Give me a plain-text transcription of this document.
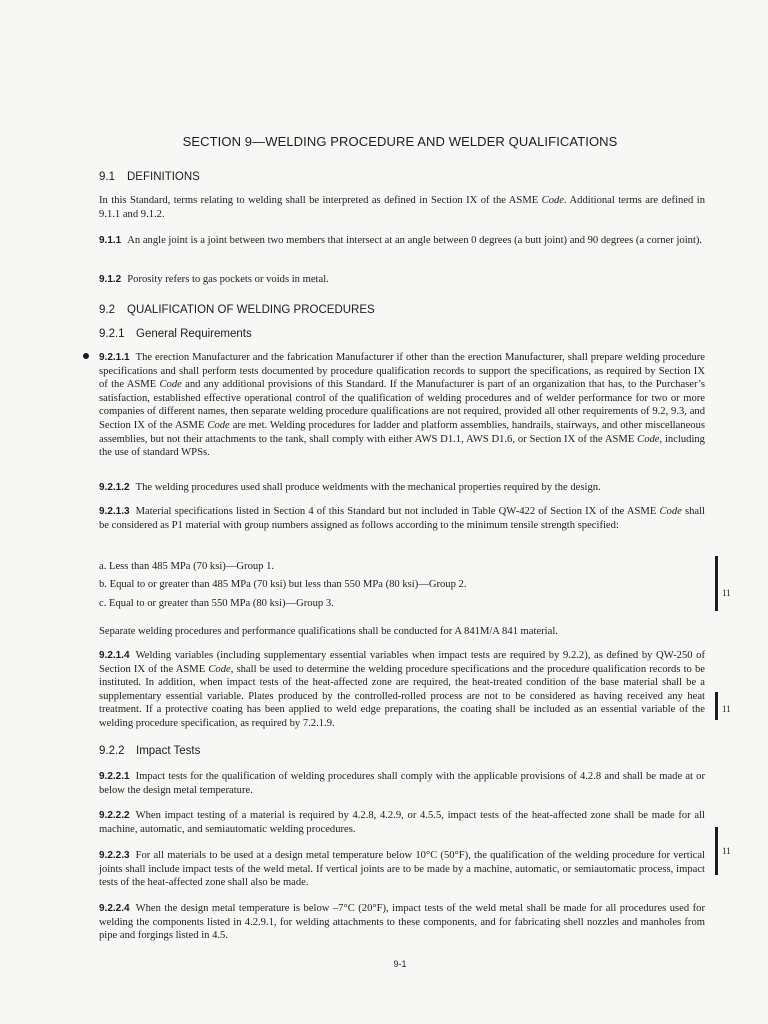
SECTION 9—WELDING PROCEDURE AND WELDER QUALIFICATIONS
9.1 DEFINITIONS
In this Standard, terms relating to welding shall be interpreted as defined in Section IX of the ASME Code. Additional terms are defined in 9.1.1 and 9.1.2.
9.1.1 An angle joint is a joint between two members that intersect at an angle between 0 degrees (a butt joint) and 90 degrees (a corner joint).
9.1.2 Porosity refers to gas pockets or voids in metal.
9.2 QUALIFICATION OF WELDING PROCEDURES
9.2.1 General Requirements
9.2.1.1 The erection Manufacturer and the fabrication Manufacturer if other than the erection Manufacturer, shall prepare welding procedure specifications and shall perform tests documented by procedure qualification records to support the specifications, as required by Section IX of the ASME Code and any additional provisions of this Standard. If the Manufacturer is part of an organization that has, to the Purchaser’s satisfaction, established effective operational control of the qualification of welding procedures and of welder performance for two or more companies of different names, then separate welding procedure qualifications are not required, provided all other requirements of 9.2, 9.3, and Section IX of the ASME Code are met. Welding procedures for ladder and platform assemblies, handrails, stairways, and other miscellaneous assemblies, but not their attachments to the tank, shall comply with either AWS D1.1, AWS D1.6, or Section IX of the ASME Code, including the use of standard WPSs.
9.2.1.2 The welding procedures used shall produce weldments with the mechanical properties required by the design.
9.2.1.3 Material specifications listed in Section 4 of this Standard but not included in Table QW-422 of Section IX of the ASME Code shall be considered as P1 material with group numbers assigned as follows according to the minimum tensile strength specified:
a. Less than 485 MPa (70 ksi)—Group 1.
b. Equal to or greater than 485 MPa (70 ksi) but less than 550 MPa (80 ksi)—Group 2.
c. Equal to or greater than 550 MPa (80 ksi)—Group 3.
11
Separate welding procedures and performance qualifications shall be conducted for A 841M/A 841 material.
9.2.1.4 Welding variables (including supplementary essential variables when impact tests are required by 9.2.2), as defined by QW-250 of Section IX of the ASME Code, shall be used to determine the welding procedure specifications and the procedure qualification records to be instituted. In addition, when impact tests of the heat-affected zone are required, the heat-treated condition of the base material shall be a supplementary essential variable. Plates produced by the controlled-rolled process are not to be considered as having received any heat treatment. If a protective coating has been applied to weld edge preparations, the coating shall be included as an essential variable of the welding procedure specification, as required by 7.2.1.9.
11
9.2.2 Impact Tests
9.2.2.1 Impact tests for the qualification of welding procedures shall comply with the applicable provisions of 4.2.8 and shall be made at or below the design metal temperature.
9.2.2.2 When impact testing of a material is required by 4.2.8, 4.2.9, or 4.5.5, impact tests of the heat-affected zone shall be made for all machine, automatic, and semiautomatic welding procedures.
9.2.2.3 For all materials to be used at a design metal temperature below 10°C (50°F), the qualification of the welding procedure for vertical joints shall include impact tests of the weld metal. If vertical joints are to be made by a machine, automatic, or semiautomatic process, impact tests of the heat-affected zone shall also be made.
11
9.2.2.4 When the design metal temperature is below –7°C (20°F), impact tests of the weld metal shall be made for all procedures used for welding the components listed in 4.2.9.1, for welding attachments to these components, and for fabricating shell nozzles and manholes from pipe and forgings listed in 4.5.
9-1
